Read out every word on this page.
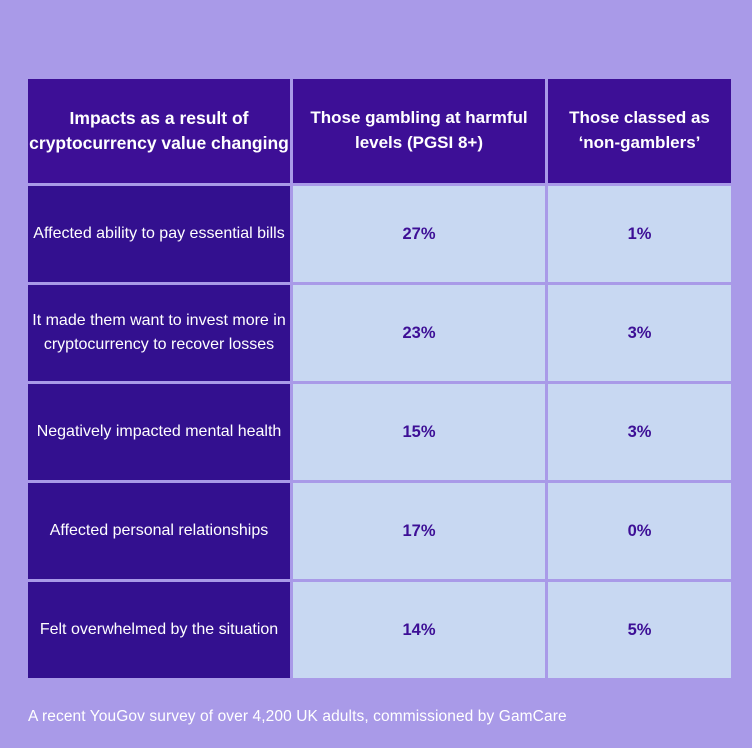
Impacts as a result of cryptocurrency value changing	Those gambling at harmful levels (PGSI 8+)	Those classed as ‘non-gamblers’
Affected ability to pay essential bills	27%	1%
It made them want to invest more in cryptocurrency to recover losses	23%	3%
Negatively impacted mental health	15%	3%
Affected personal relationships	17%	0%
Felt overwhelmed by the situation	14%	5%
A recent YouGov survey of over 4,200 UK adults, commissioned by GamCare
